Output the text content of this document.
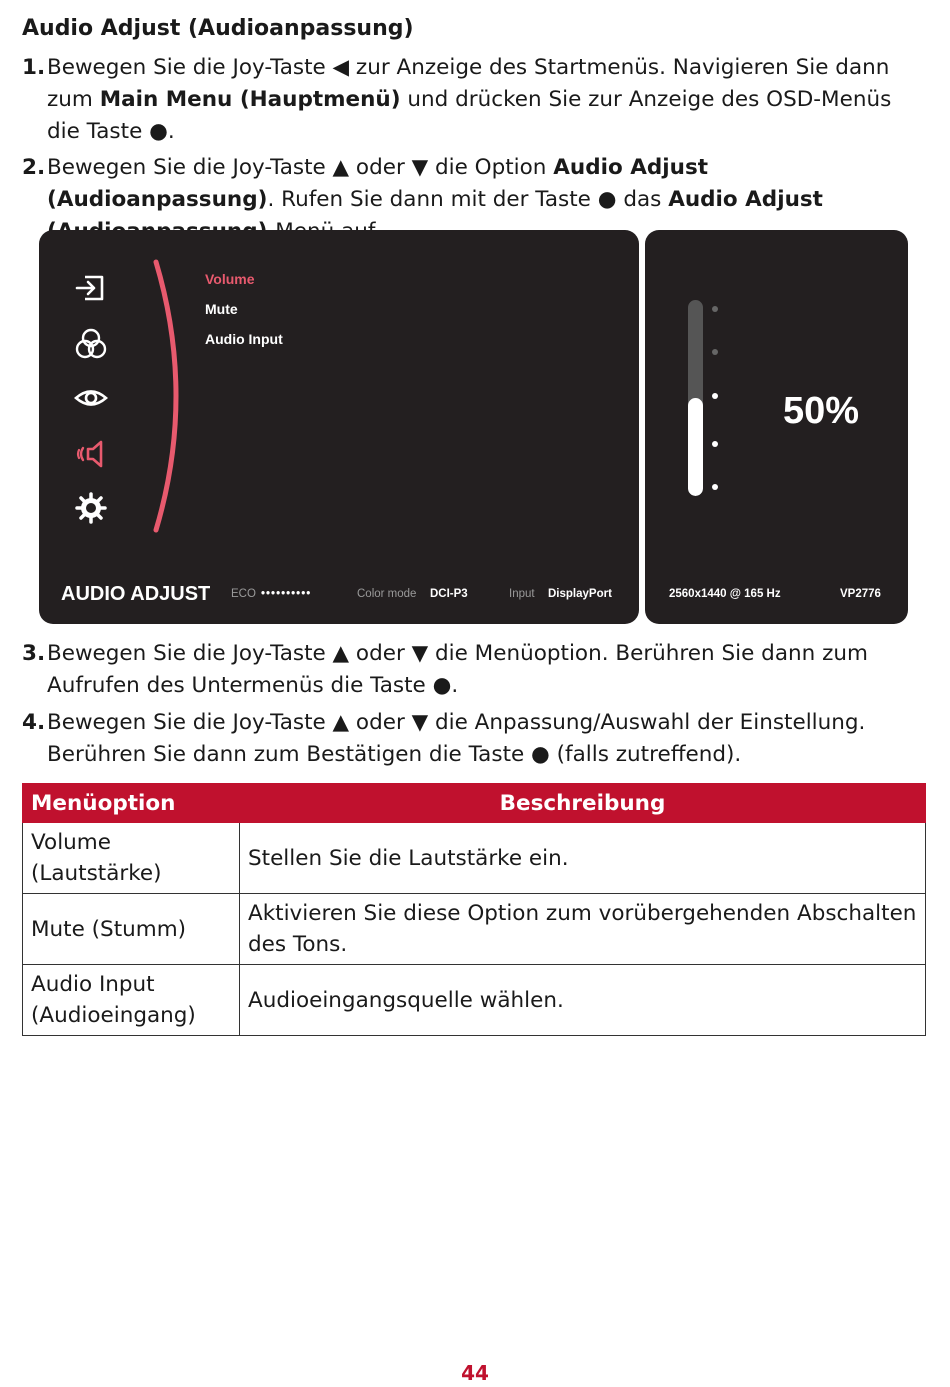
Audio Adjust (Audioanpassung)
1. Bewegen Sie die Joy-Taste ◀ zur Anzeige des Startmenüs. Navigieren Sie dann zum Main Menu (Hauptmenü) und drücken Sie zur Anzeige des OSD-Menüs die Taste ●.
2. Bewegen Sie die Joy-Taste ▲ oder ▼ die Option Audio Adjust (Audioanpassung). Rufen Sie dann mit der Taste ● das Audio Adjust
Volume
Mute
Audio Input
AUDIO ADJUST ECO ••••••••••	Color mode DCI-P3	Input DisplayPort
50%
2560x1440 @ 165 Hz	VP2776
3. Bewegen Sie die Joy-Taste ▲ oder ▼ die Menüoption. Berühren Sie dann zum Aufrufen des Untermenüs die Taste ●.
4. Bewegen Sie die Joy-Taste ▲ oder ▼ die Anpassung/Auswahl der Einstellung. Berühren Sie dann zum Bestätigen die Taste ● (falls zutreffend).
Menüoption	Beschreibung
Volume (Lautstärke)	Stellen Sie die Lautstärke ein.
Mute (Stumm)	Aktivieren Sie diese Option zum vorübergehenden Abschalten des Tons.
Audio Input (Audioeingang)	Audioeingangsquelle wählen.
44
